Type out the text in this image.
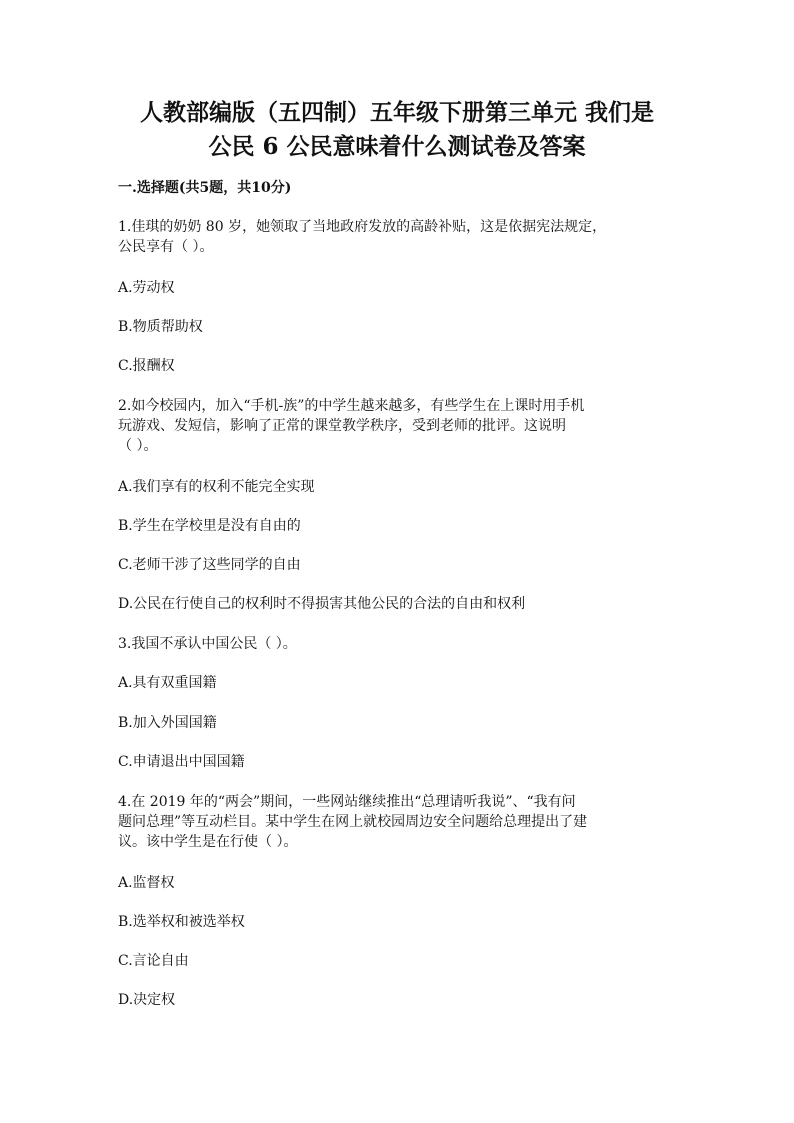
人教部编版（五四制）五年级下册第三单元 我们是
公民 6 公民意味着什么测试卷及答案
一.选择题(共5题，共10分)
1.佳琪的奶奶 80 岁，她领取了当地政府发放的高龄补贴，这是依据宪法规定，
公民享有（ ）。
A.劳动权
B.物质帮助权
C.报酬权
2.如今校园内，加入“手机-族”的中学生越来越多，有些学生在上课时用手机
玩游戏、发短信，影响了正常的课堂教学秩序，受到老师的批评。这说明
（ ）。
A.我们享有的权利不能完全实现
B.学生在学校里是没有自由的
C.老师干涉了这些同学的自由
D.公民在行使自己的权利时不得损害其他公民的合法的自由和权利
3.我国不承认中国公民（ ）。
A.具有双重国籍
B.加入外国国籍
C.申请退出中国国籍
4.在 2019 年的“两会”期间，一些网站继续推出“总理请听我说”、“我有问
题问总理”等互动栏目。某中学生在网上就校园周边安全问题给总理提出了建
议。该中学生是在行使（ ）。
A.监督权
B.选举权和被选举权
C.言论自由
D.决定权
